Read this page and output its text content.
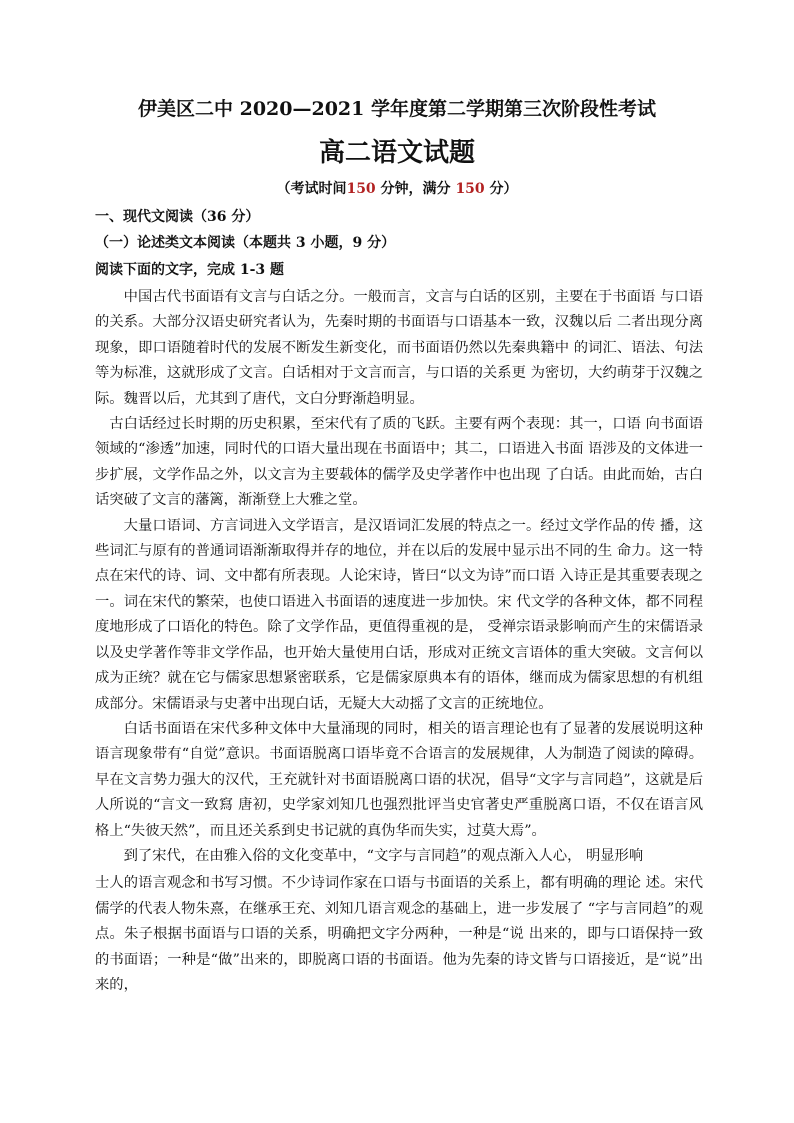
伊美区二中 2020—2021 学年度第二学期第三次阶段性考试
高二语文试题
（考试时间150 分钟，满分 150 分）
一、现代文阅读（36 分）
（一）论述类文本阅读（本题共 3 小题，9 分）
阅读下面的文字，完成 1-3 题

中国古代书面语有文言与白话之分。一般而言，文言与白话的区别，主要在于书面语 与口语的关系。大部分汉语史研究者认为，先秦时期的书面语与口语基本一致，汉魏以后 二者出现分离现象，即口语随着时代的发展不断发生新变化，而书面语仍然以先秦典籍中 的词汇、语法、句法等为标准，这就形成了文言。白话相对于文言而言，与口语的关系更 为密切，大约萌芽于汉魏之际。魏晋以后，尤其到了唐代，文白分野渐趋明显。

古白话经过长时期的历史积累，至宋代有了质的飞跃。主要有两个表现：其一，口语 向书面语领域的“渗透”加速，同时代的口语大量出现在书面语中；其二，口语进入书面 语涉及的文体进一步扩展，文学作品之外，以文言为主要载体的儒学及史学著作中也出现 了白话。由此而始，古白话突破了文言的藩篱，渐渐登上大雅之堂。

大量口语词、方言词进入文学语言，是汉语词汇发展的特点之一。经过文学作品的传 播，这些词汇与原有的普通词语渐渐取得并存的地位，并在以后的发展中显示出不同的生 命力。这一特点在宋代的诗、词、文中都有所表现。人论宋诗，皆曰“以文为诗”而口语 入诗正是其重要表现之一。词在宋代的繁荣，也使口语进入书面语的速度进一步加快。宋 代文学的各种文体，都不同程度地形成了口语化的特色。除了文学作品，更值得重视的是， 受禅宗语录影响而产生的宋儒语录以及史学著作等非文学作品，也开始大量使用白话，形成对正统文言语体的重大突破。文言何以成为正统？就在它与儒家思想紧密联系，它是儒家原典本有的语体，继而成为儒家思想的有机组成部分。宋儒语录与史著中出现白话，无疑大大动摇了文言的正统地位。

白话书面语在宋代多种文体中大量涌现的同时，相关的语言理论也有了显著的发展说明这种语言现象带有“自觉”意识。书面语脱离口语毕竟不合语言的发展规律，人为制造了阅读的障碍。早在文言势力强大的汉代，王充就针对书面语脱离口语的状况，倡导“文字与言同趋”，这就是后人所说的“言文一致寫 唐初，史学家刘知几也强烈批评当史官著史严重脱离口语，不仅在语言风格上“失彼天然”，而且还关系到史书记就的真伪华而失实，过莫大焉”。

到了宋代，在由雅入俗的文化变革中，“文字与言同趋”的观点渐入人心， 明显形响

士人的语言观念和书写习惯。不少诗词作家在口语与书面语的关系上，都有明确的理论 述。宋代儒学的代表人物朱熹，在继承王充、刘知几语言观念的基础上，进一步发展了 “字与言同趋”的观点。朱子根据书面语与口语的关系，明确把文字分两种，一种是“说 出来的，即与口语保持一致的书面语；一种是“做”出来的，即脱离口语的书面语。他为先秦的诗文皆与口语接近，是“说”出来的，
